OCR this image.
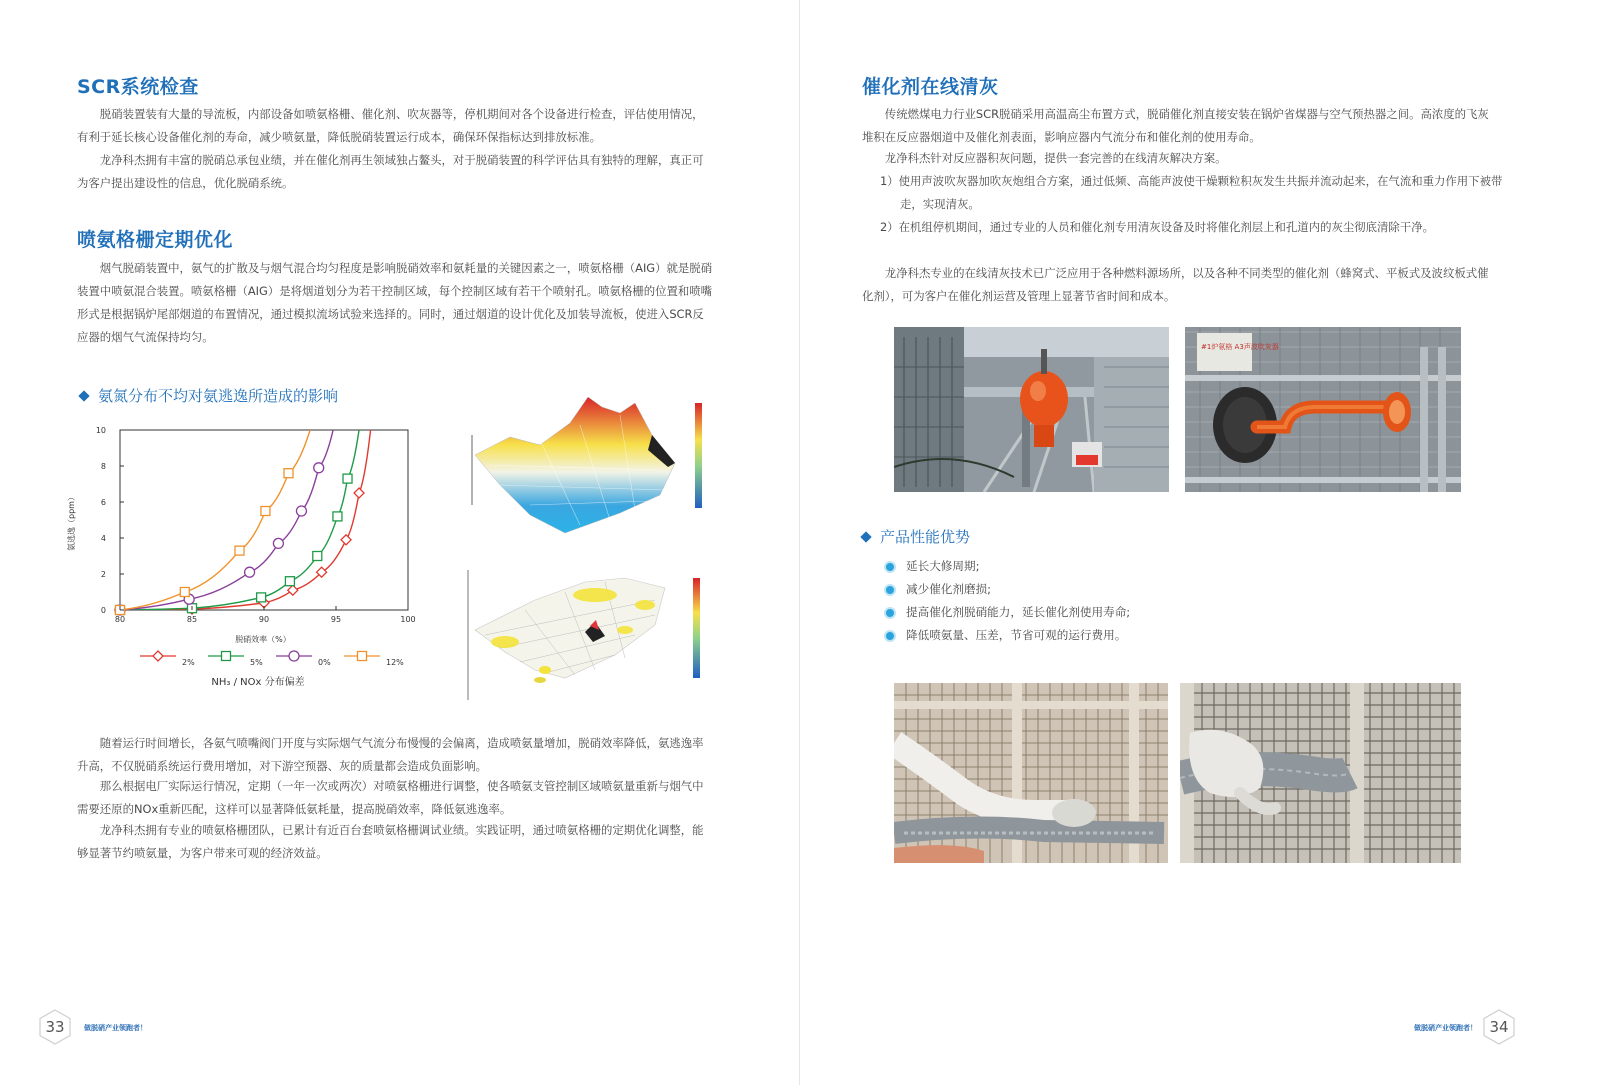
SCR系统检查

脱硝装置装有大量的导流板，内部设备如喷氨格栅、催化剂、吹灰器等，停机期间对各个设备进行检查，评估使用情况，有利于延长核心设备催化剂的寿命，减少喷氨量，降低脱硝装置运行成本，确保环保指标达到排放标准。

龙净科杰拥有丰富的脱硝总承包业绩，并在催化剂再生领域独占鳌头，对于脱硝装置的科学评估具有独特的理解，真正可为客户提出建设性的信息，优化脱硝系统。

喷氨格栅定期优化

烟气脱硝装置中，氨气的扩散及与烟气混合均匀程度是影响脱硝效率和氨耗量的关键因素之一，喷氨格栅（AIG）就是脱硝装置中喷氨混合装置。喷氨格栅（AIG）是将烟道划分为若干控制区域，每个控制区域有若干个喷射孔。喷氨格栅的位置和喷嘴形式是根据锅炉尾部烟道的布置情况，通过模拟流场试验来选择的。同时，通过烟道的设计优化及加装导流板，使进入SCR反应器的烟气气流保持均匀。

氨氮分布不均对氨逃逸所造成的影响
80	85	90	95	100
0
2
4
6
8
10
脱硝效率（%）
氨逃逸（ppm）
2%	5%	0%	12%
NH₃ / NOx 分布偏差

随着运行时间增长，各氨气喷嘴阀门开度与实际烟气气流分布慢慢的会偏离，造成喷氨量增加，脱硝效率降低，氨逃逸率升高，不仅脱硝系统运行费用增加，对下游空预器、灰的质量都会造成负面影响。

那么根据电厂实际运行情况，定期（一年一次或两次）对喷氨格栅进行调整，使各喷氨支管控制区域喷氨量重新与烟气中需要还原的NOx重新匹配，这样可以显著降低氨耗量，提高脱硝效率，降低氨逃逸率。

龙净科杰拥有专业的喷氨格栅团队，已累计有近百台套喷氨格栅调试业绩。实践证明，通过喷氨格栅的定期优化调整，能够显著节约喷氨量，为客户带来可观的经济效益。

33	做脱硝产业领跑者！
催化剂在线清灰

传统燃煤电力行业SCR脱硝采用高温高尘布置方式，脱硝催化剂直接安装在锅炉省煤器与空气预热器之间。高浓度的飞灰堆积在反应器烟道中及催化剂表面，影响应器内气流分布和催化剂的使用寿命。

龙净科杰针对反应器积灰问题，提供一套完善的在线清灰解决方案。

1）使用声波吹灰器加吹灰炮组合方案，通过低频、高能声波使干燥颗粒积灰发生共振并流动起来，在气流和重力作用下被带走，实现清灰。
2）在机组停机期间，通过专业的人员和催化剂专用清灰设备及时将催化剂层上和孔道内的灰尘彻底清除干净。

龙净科杰专业的在线清灰技术已广泛应用于各种燃料源场所，以及各种不同类型的催化剂（蜂窝式、平板式及波纹板式催化剂），可为客户在催化剂运营及管理上显著节省时间和成本。

#1炉氨格 A3声波吹灰器
产品性能优势
延长大修周期;
减少催化剂磨损;
提高催化剂脱硝能力，延长催化剂使用寿命;
降低喷氨量、压差，节省可观的运行费用。
34
做脱硝产业领跑者！
